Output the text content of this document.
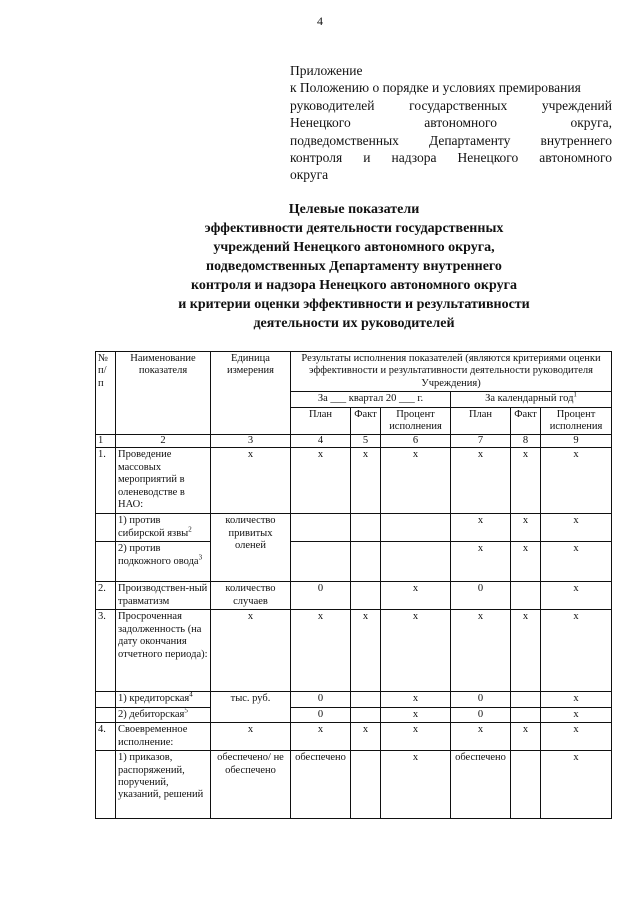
4
Приложение
к Положению о порядке и условиях премирования
руководителей государственных учреждений
Ненецкого автономного округа,
подведомственных Департаменту внутреннего
контроля и надзора Ненецкого автономного
округа
Целевые показатели
эффективности деятельности государственных
учреждений Ненецкого автономного округа,
подведомственных Департаменту внутреннего
контроля и надзора Ненецкого автономного округа
и критерии оценки эффективности и результативности
деятельности их руководителей
№ п/ п	Наименование показателя	Единица измерения	Результаты исполнения показателей (являются критериями оценки эффективности и результативности деятельности руководителя Учреждения)					
			За ___ квартал 20 ___ г.			За календарный год$^1$
			План	Факт	Процент исполнения	План	Факт	Процент исполнения
1	2	3	4	5	6	7	8	9
1.	Проведение массовых мероприятий в оленеводстве в НАО:	х	х	х	х	х	х	х
	1) против сибирской язвы$^2$	количество привитых оленей				х	х	х
	2) против подкожного овода$^3$					х	х	х
2.	Производствен-ный травматизм	количество случаев	0		х	0		х
3.	Просроченная задолженность (на дату окончания отчетного периода):	х	х	х	х	х	х	х
	1) кредиторская$^4$	тыс. руб.	0		х	0		х
	2) дебиторская$^5$		0		х	0		х
4.	Своевременное исполнение:	х	х	х	х	х	х	х
	1) приказов, распоряжений, поручений, указаний, решений	обеспечено/ не обеспечено	обеспечено		х	обеспечено		х
